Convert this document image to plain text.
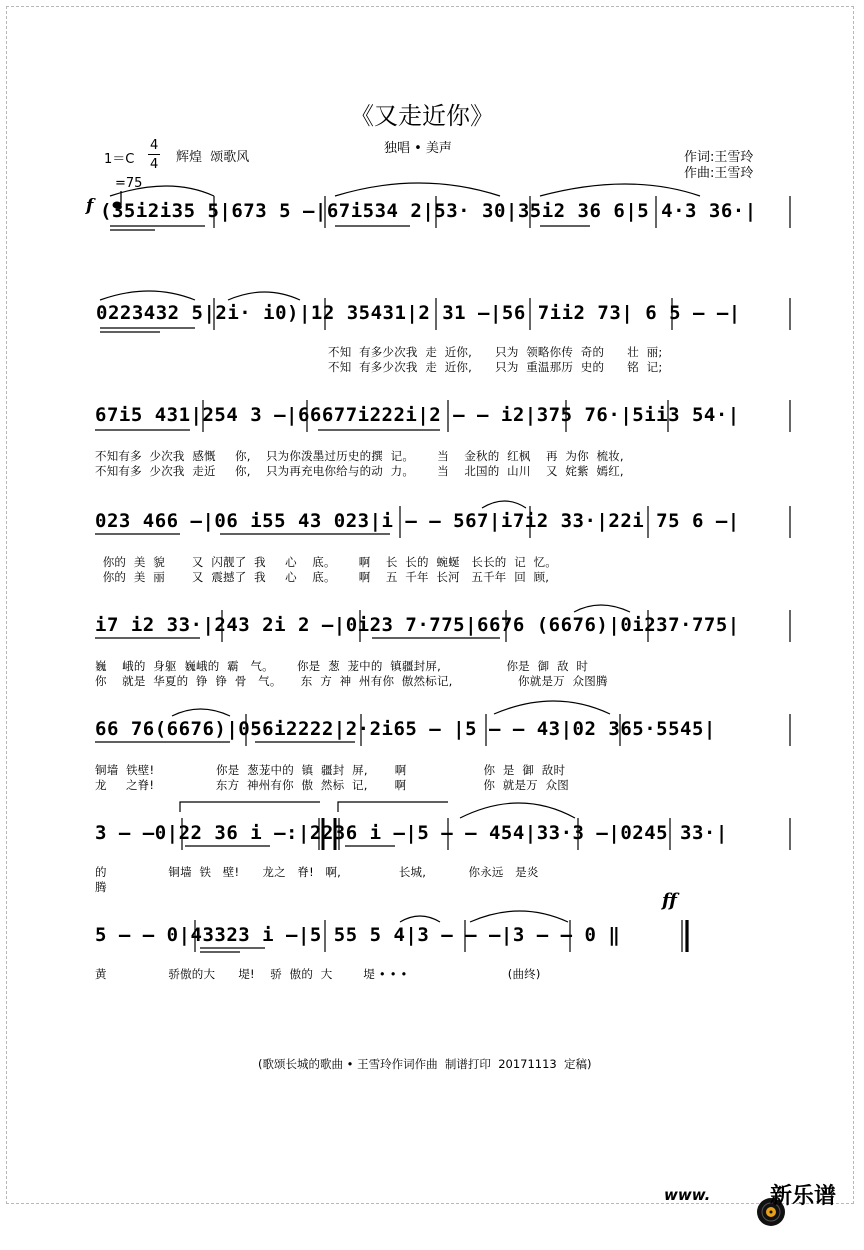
《又走近你》
1＝C
4
4 辉煌  颂歌风
独唱 • 美声
作词:王雪玲
作曲:王雪玲

=75
f
ff
(35i2i35 5|673 5 –|67i534 2|53· 30|35i2 36 6|5 4·3 36·|
0223432 5|2i· i0)|12 35431|2 31 –|56 7ii2 73| 6 5 – –|
不知  有多少次我  走  近你,      只为  领略你传  奇的      壮  丽;
不知  有多少次我  走  近你,      只为  重温那历  史的      铭  记;
67i5 431|254 3 –|66677i222i|2 – – i2|375 76·|5ii3 54·|
不知有多  少次我  感慨     你,    只为你泼墨过历史的撰  记。      当    金秋的  红枫    再  为你  梳妆,
不知有多  少次我  走近     你,    只为再充电你给与的动  力。      当    北国的  山川    又  姹紫  嫣红,
023 466 –|06 i55 43 023|i – – 567|i7i2 33·|22i 75 6 –|
你的  美  貌       又  闪靓了  我     心    底。      啊    长  长的  蜿蜒   长长的  记  忆。
你的  美  丽       又  震撼了  我     心    底。      啊    五  千年  长河   五千年  回  顾,
i7 i2 33·|243 2i 2 –|0i23 7·775|6676 (6676)|0i237·775|
巍    峨的  身躯  巍峨的  霸   气。      你是  葱  茏中的  镇疆封屏,                 你是  御  敌  时
你    就是  华夏的  铮  铮  骨   气。     东  方  神  州有你  傲然标记,                 你就是万  众图腾
66 76(6676)|056i2222|2·2i65 – |5 – – 43|02 365·5545|
铜墙  铁壁!                你是  葱茏中的  镇  疆封  屏,       啊                    你  是  御  敌时
龙     之脊!                东方  神州有你  傲  然标  记,       啊                    你  就是万  众图
3 – –0|22 36 i –:|2236 i –|5 – – 454|33·3 –|0245 33·|
的                铜墙  铁   壁!      龙之   脊!   啊,               长城,           你永远   是炎
腾
5 – – 0|43323 i –|5 55 5 4|3 – – –|3 – – 0 ‖
黄                骄傲的大      堤!    骄  傲的  大        堤 • • •                          (曲终)
(歌颂长城的歌曲 • 王雪玲作词作曲  制谱打印  20171113  定稿)
www.

	新乐谱
